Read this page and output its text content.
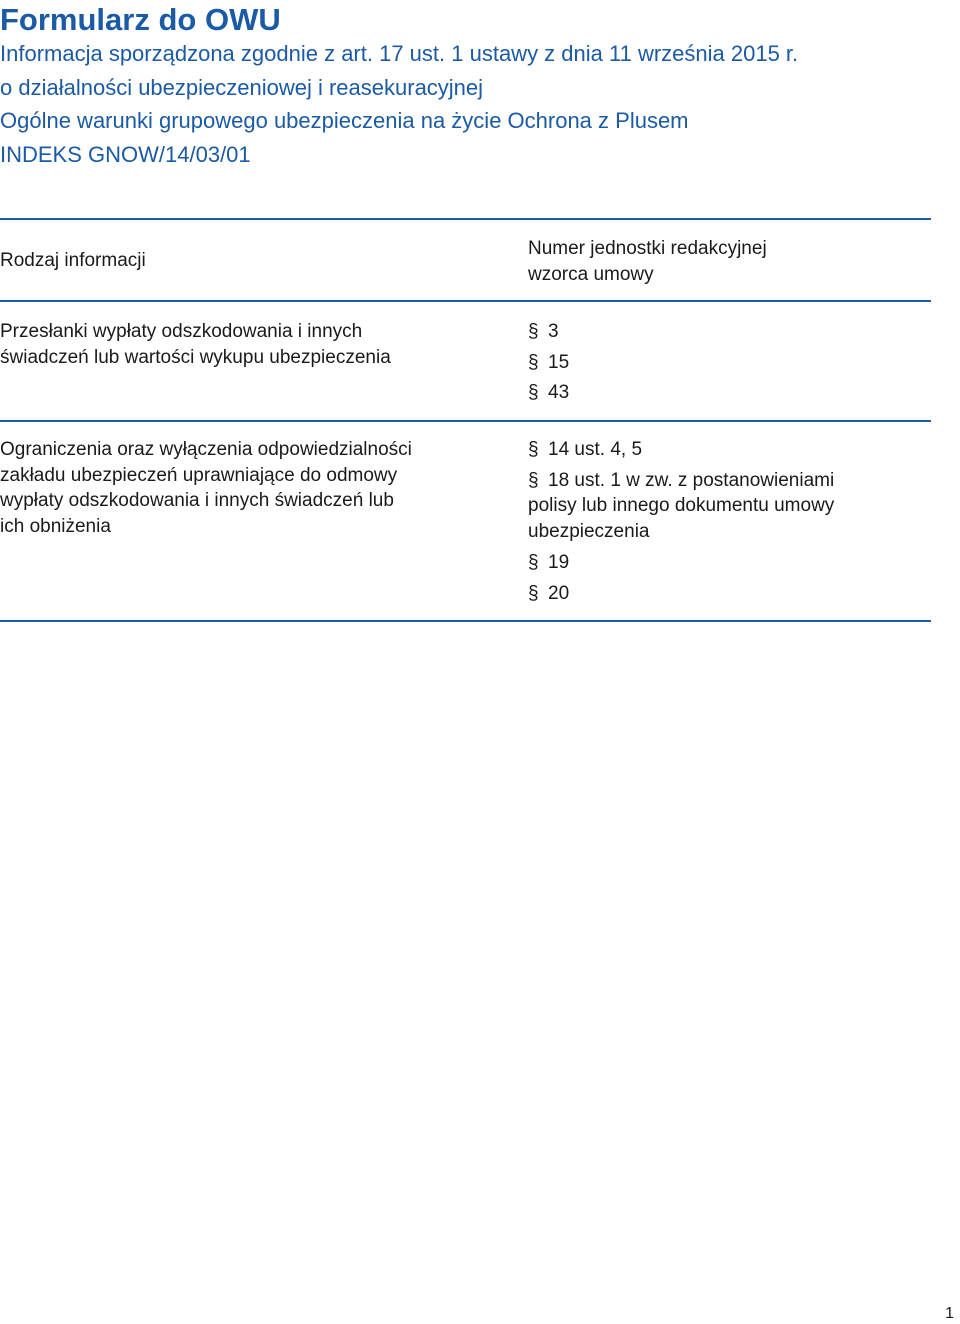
Formularz do OWU
Informacja sporządzona zgodnie z art. 17 ust. 1 ustawy z dnia 11 września 2015 r.
o działalności ubezpieczeniowej i reasekuracyjnej
Ogólne warunki grupowego ubezpieczenia na życie Ochrona z Plusem
INDEKS GNOW/14/03/01
Rodzaj informacji
Numer jednostki redakcyjnej
wzorca umowy
Przesłanki wypłaty odszkodowania i innych
świadczeń lub wartości wykupu ubezpieczenia
§ 3
§ 15
§ 43
Ograniczenia oraz wyłączenia odpowiedzialności
zakładu ubezpieczeń uprawniające do odmowy
wypłaty odszkodowania i innych świadczeń lub
ich obniżenia
§ 14 ust. 4, 5
§ 18 ust. 1 w zw. z postanowieniami
polisy lub innego dokumentu umowy
ubezpieczenia
§ 19
§ 20
1
